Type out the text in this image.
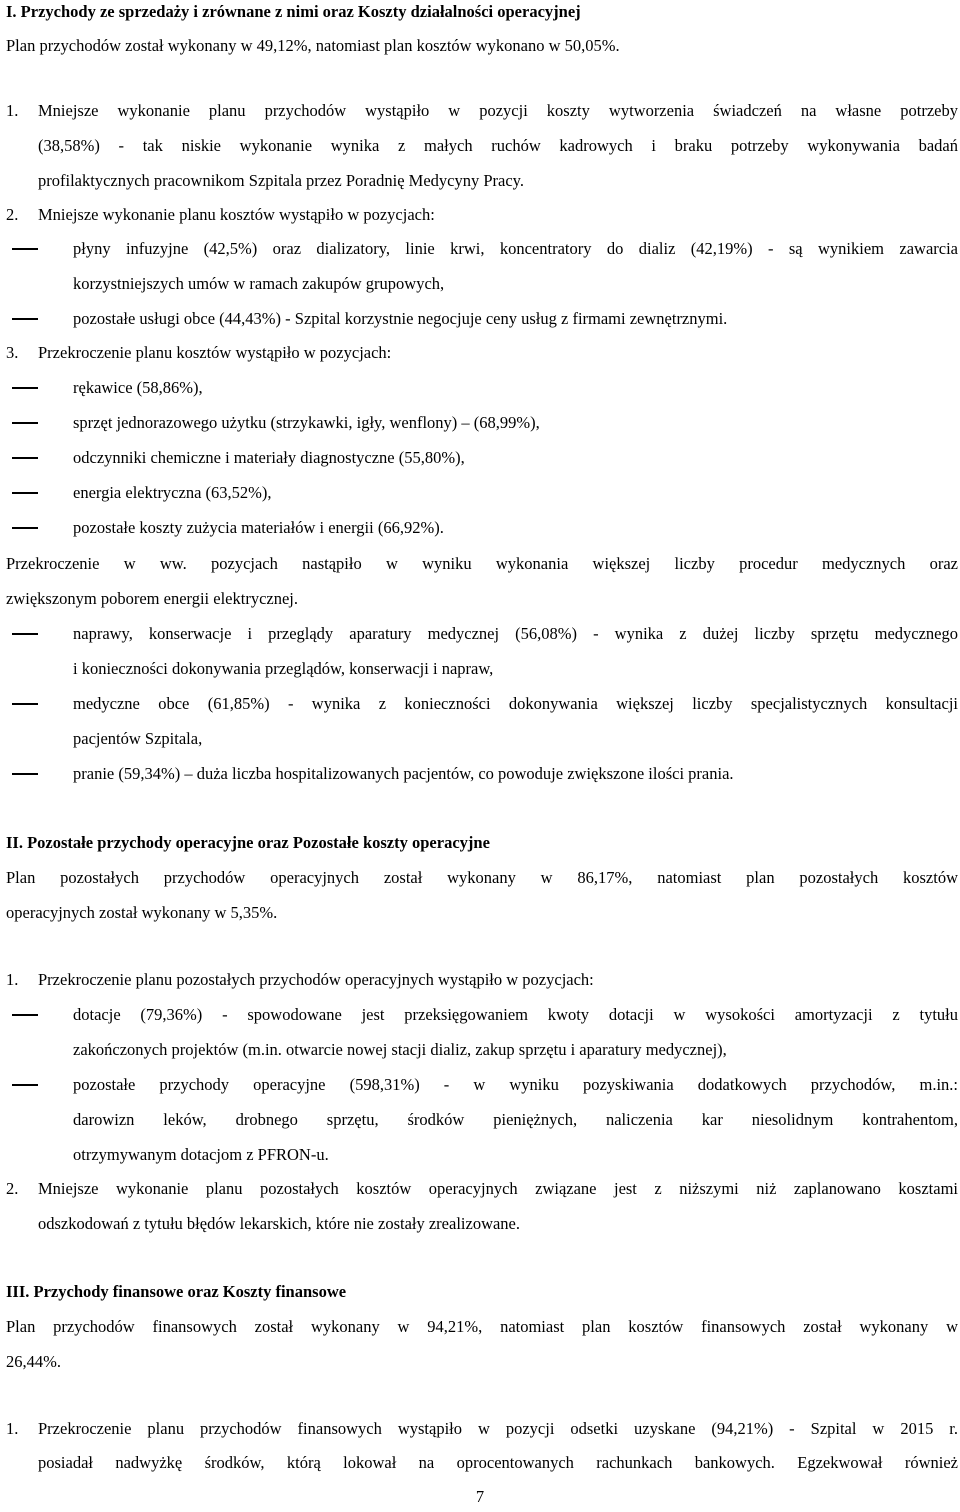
I. Przychody ze sprzedaży i zrównane z nimi oraz Koszty działalności operacyjnej
Plan przychodów został wykonany w 49,12%, natomiast plan kosztów wykonano w 50,05%.
1. Mniejsze wykonanie planu przychodów wystąpiło w pozycji koszty wytworzenia świadczeń na własne potrzeby
(38,58%) - tak niskie wykonanie wynika z małych ruchów kadrowych i braku potrzeby wykonywania badań
profilaktycznych pracownikom Szpitala przez Poradnię Medycyny Pracy.
2. Mniejsze wykonanie planu kosztów wystąpiło w pozycjach:
płyny infuzyjne (42,5%) oraz dializatory, linie krwi, koncentratory do dializ (42,19%) - są wynikiem zawarcia
korzystniejszych umów w ramach zakupów grupowych,
pozostałe usługi obce (44,43%) - Szpital korzystnie negocjuje ceny usług z firmami zewnętrznymi.
3. Przekroczenie planu kosztów wystąpiło w pozycjach:
rękawice (58,86%),
sprzęt jednorazowego użytku (strzykawki, igły, wenflony) – (68,99%),
odczynniki chemiczne i materiały diagnostyczne (55,80%),
energia elektryczna (63,52%),
pozostałe koszty zużycia materiałów i energii (66,92%).
Przekroczenie w ww. pozycjach nastąpiło w wyniku wykonania większej liczby procedur medycznych oraz
zwiększonym poborem energii elektrycznej.
naprawy, konserwacje i przeglądy aparatury medycznej (56,08%) - wynika z dużej liczby sprzętu medycznego
i konieczności dokonywania przeglądów, konserwacji i napraw,
medyczne obce (61,85%) - wynika z konieczności dokonywania większej liczby specjalistycznych konsultacji
pacjentów Szpitala,
pranie (59,34%) – duża liczba hospitalizowanych pacjentów, co powoduje zwiększone ilości prania.
II. Pozostałe przychody operacyjne oraz Pozostałe koszty operacyjne
Plan pozostałych przychodów operacyjnych został wykonany w 86,17%, natomiast plan pozostałych kosztów
operacyjnych został wykonany w 5,35%.
1. Przekroczenie planu pozostałych przychodów operacyjnych wystąpiło w pozycjach:
dotacje (79,36%) - spowodowane jest przeksięgowaniem kwoty dotacji w wysokości amortyzacji z tytułu
zakończonych projektów (m.in. otwarcie nowej stacji dializ, zakup sprzętu i aparatury medycznej),
pozostałe przychody operacyjne (598,31%) - w wyniku pozyskiwania dodatkowych przychodów, m.in.:
darowizn leków, drobnego sprzętu, środków pieniężnych, naliczenia kar niesolidnym kontrahentom,
otrzymywanym dotacjom z PFRON-u.
2. Mniejsze wykonanie planu pozostałych kosztów operacyjnych związane jest z niższymi niż zaplanowano kosztami
odszkodowań z tytułu błędów lekarskich, które nie zostały zrealizowane.
III. Przychody finansowe oraz Koszty finansowe
Plan przychodów finansowych został wykonany w 94,21%, natomiast plan kosztów finansowych został wykonany w
26,44%.
1. Przekroczenie planu przychodów finansowych wystąpiło w pozycji odsetki uzyskane (94,21%) - Szpital w 2015 r.
posiadał nadwyżkę środków, którą lokował na oprocentowanych rachunkach bankowych. Egzekwował również
7
